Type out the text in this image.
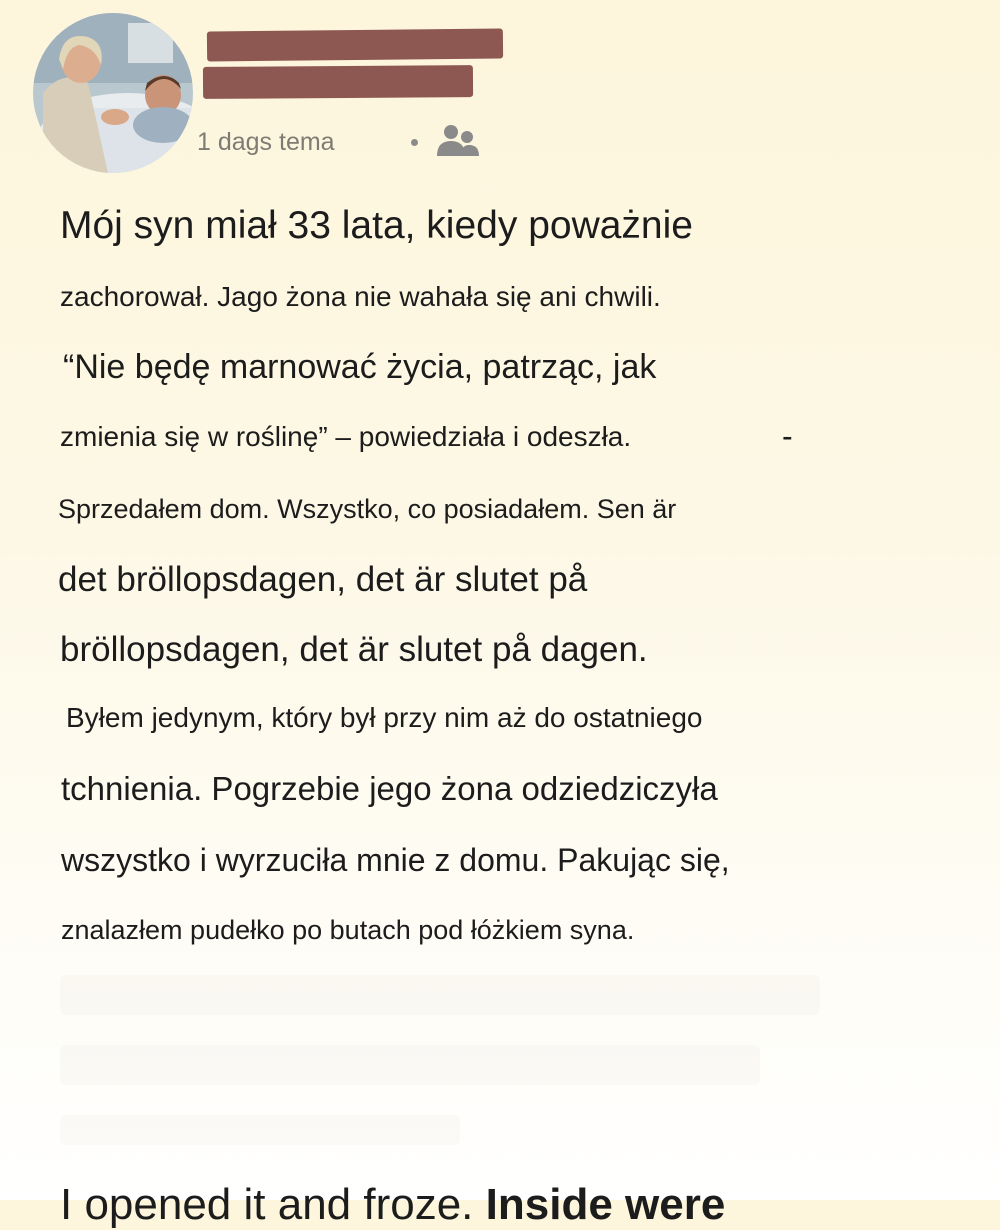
1 dags tema
Mój syn miał 33 lata, kiedy poważnie
zachorował. Jago żona nie wahała się ani chwili.
“Nie będę marnować życia, patrząc, jak
zmienia się w roślinę” – powiedziała i odeszła.	-
Sprzedałem dom. Wszystko, co posiadałem. Sen är
det bröllopsdagen, det är slutet på
bröllopsdagen, det är slutet på dagen.
Byłem jedynym, który był przy nim aż do ostatniego
tchnienia. Pogrzebie jego żona odziedziczyła
wszystko i wyrzuciła mnie z domu. Pakując się,
znalazłem pudełko po butach pod łóżkiem syna.
I opened it and froze. Inside were
